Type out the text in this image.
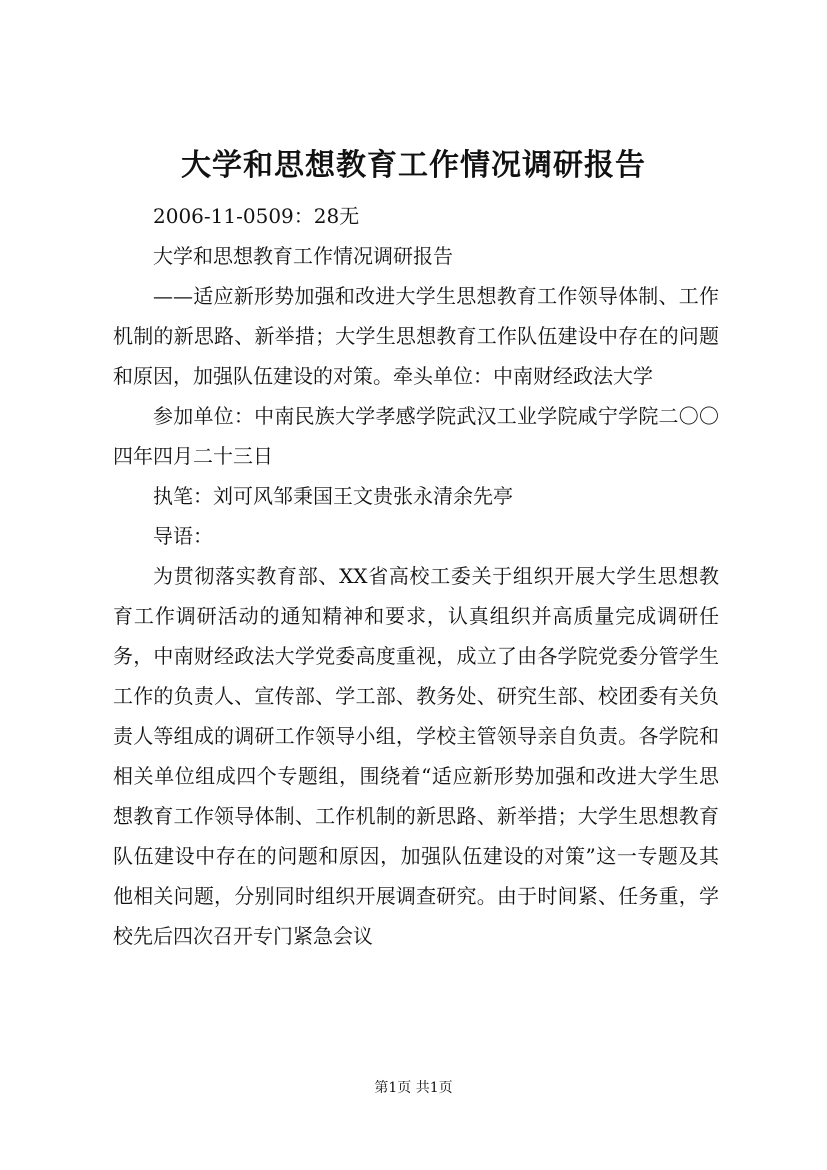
大学和思想教育工作情况调研报告

2006-11-0509：28无

大学和思想教育工作情况调研报告

——适应新形势加强和改进大学生思想教育工作领导体制、工作机制的新思路、新举措；大学生思想教育工作队伍建设中存在的问题和原因，加强队伍建设的对策。牵头单位：中南财经政法大学

参加单位：中南民族大学孝感学院武汉工业学院咸宁学院二〇〇四年四月二十三日

执笔：刘可风邹秉国王文贵张永清余先亭

导语：

为贯彻落实教育部、XX省高校工委关于组织开展大学生思想教育工作调研活动的通知精神和要求，认真组织并高质量完成调研任务，中南财经政法大学党委高度重视，成立了由各学院党委分管学生工作的负责人、宣传部、学工部、教务处、研究生部、校团委有关负责人等组成的调研工作领导小组，学校主管领导亲自负责。各学院和相关单位组成四个专题组，围绕着“适应新形势加强和改进大学生思想教育工作领导体制、工作机制的新思路、新举措；大学生思想教育队伍建设中存在的问题和原因，加强队伍建设的对策”这一专题及其他相关问题，分别同时组织开展调查研究。由于时间紧、任务重，学校先后四次召开专门紧急会议

第1页 共1页
